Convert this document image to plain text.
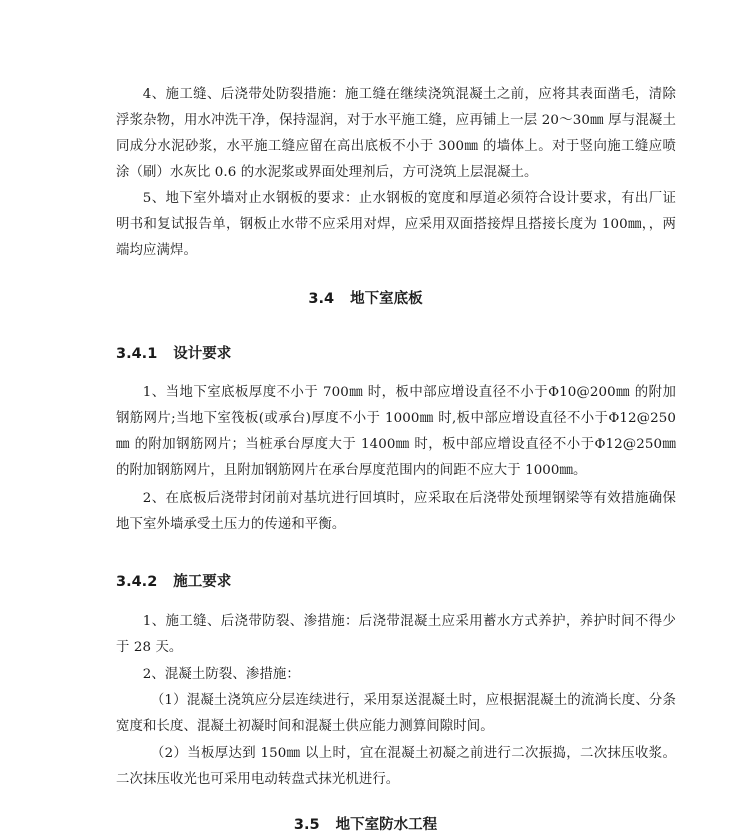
4、施工缝、后浇带处防裂措施：施工缝在继续浇筑混凝土之前，应将其表面凿毛，清除浮浆杂物，用水冲洗干净，保持湿润，对于水平施工缝，应再铺上一层 20～30㎜ 厚与混凝土同成分水泥砂浆，水平施工缝应留在高出底板不小于 300㎜ 的墙体上。对于竖向施工缝应喷涂（刷）水灰比 0.6 的水泥浆或界面处理剂后，方可浇筑上层混凝土。

5、地下室外墙对止水钢板的要求：止水钢板的宽度和厚道必须符合设计要求，有出厂证明书和复试报告单，钢板止水带不应采用对焊，应采用双面搭接焊且搭接长度为 100㎜，，两端均应满焊。

3.4 地下室底板
3.4.1 设计要求

1、当地下室底板厚度不小于 700㎜ 时，板中部应增设直径不小于Φ10@200㎜ 的附加钢筋网片;当地下室筏板(或承台)厚度不小于 1000㎜ 时,板中部应增设直径不小于Φ12@250㎜ 的附加钢筋网片；当桩承台厚度大于 1400㎜ 时，板中部应增设直径不小于Φ12@250㎜ 的附加钢筋网片，且附加钢筋网片在承台厚度范围内的间距不应大于 1000㎜。

2、在底板后浇带封闭前对基坑进行回填时，应采取在后浇带处预埋钢梁等有效措施确保地下室外墙承受土压力的传递和平衡。

3.4.2 施工要求

1、施工缝、后浇带防裂、渗措施：后浇带混凝土应采用蓄水方式养护，养护时间不得少于 28 天。

2、混凝土防裂、渗措施：

（1）混凝土浇筑应分层连续进行，采用泵送混凝土时，应根据混凝土的流淌长度、分条宽度和长度、混凝土初凝时间和混凝土供应能力测算间隙时间。

（2）当板厚达到 150㎜ 以上时，宜在混凝土初凝之前进行二次振捣，二次抹压收浆。二次抹压收光也可采用电动转盘式抹光机进行。

3.5 地下室防水工程
